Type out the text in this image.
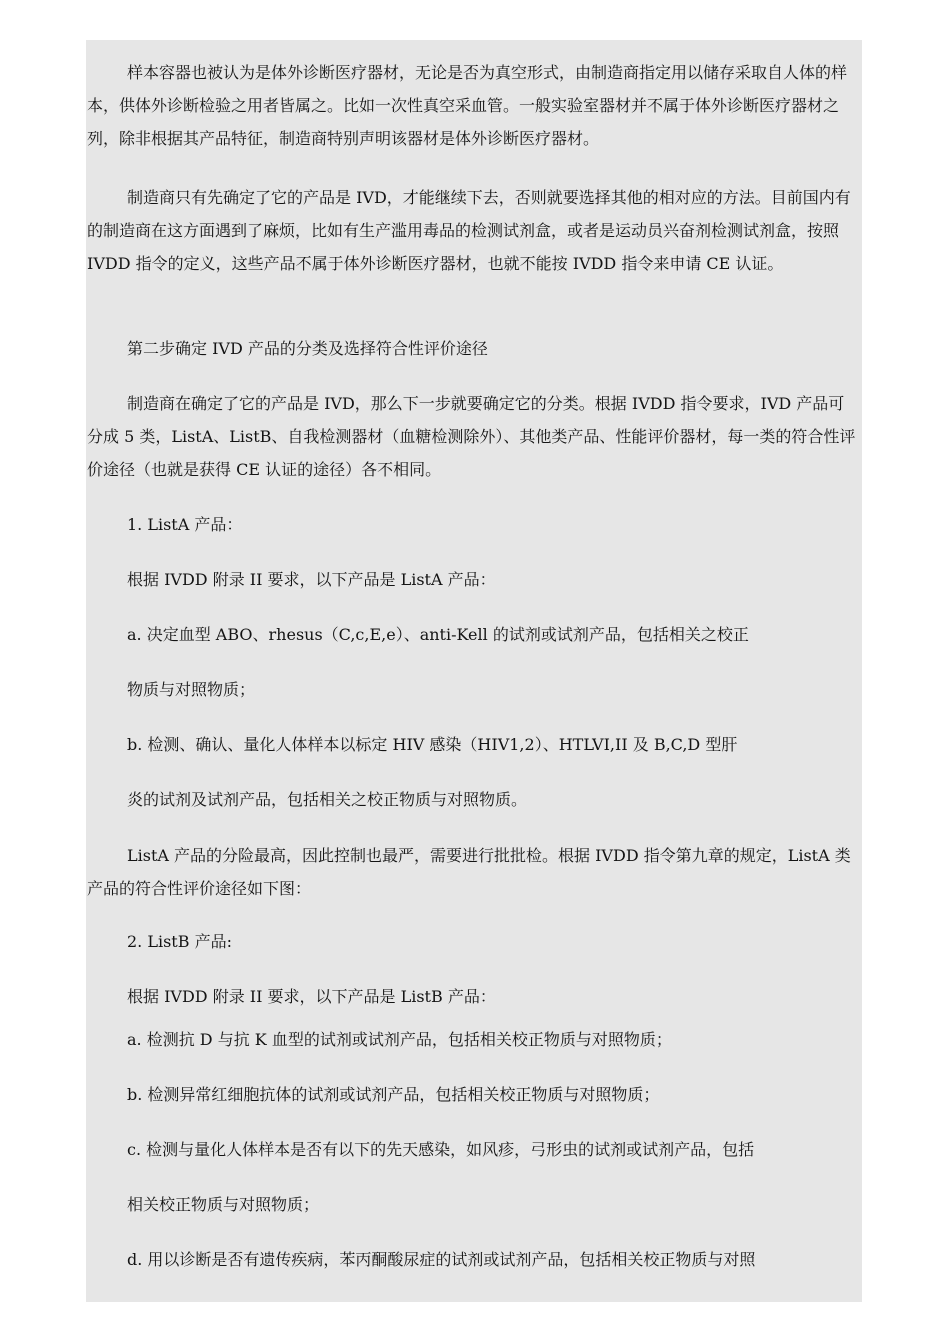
样本容器也被认为是体外诊断医疗器材，无论是否为真空形式，由制造商指定用以储存采取自人体的样本，供体外诊断检验之用者皆属之。比如一次性真空采血管。一般实验室器材并不属于体外诊断医疗器材之列，除非根据其产品特征，制造商特别声明该器材是体外诊断医疗器材。

制造商只有先确定了它的产品是 IVD，才能继续下去，否则就要选择其他的相对应的方法。目前国内有的制造商在这方面遇到了麻烦，比如有生产滥用毒品的检测试剂盒，或者是运动员兴奋剂检测试剂盒，按照 IVDD 指令的定义，这些产品不属于体外诊断医疗器材，也就不能按 IVDD 指令来申请 CE 认证。

第二步确定 IVD 产品的分类及选择符合性评价途径

制造商在确定了它的产品是 IVD，那么下一步就要确定它的分类。根据 IVDD 指令要求，IVD 产品可分成 5 类，ListA、ListB、自我检测器材（血糖检测除外）、其他类产品、性能评价器材，每一类的符合性评价途径（也就是获得 CE 认证的途径）各不相同。

1. ListA 产品：

根据 IVDD 附录 II 要求，以下产品是 ListA 产品：

a. 决定血型 ABO、rhesus（C,c,E,e）、anti-Kell 的试剂或试剂产品，包括相关之校正

物质与对照物质；

b. 检测、确认、量化人体样本以标定 HIV 感染（HIV1,2）、HTLVI,II 及 B,C,D 型肝

炎的试剂及试剂产品，包括相关之校正物质与对照物质。

ListA 产品的分险最高，因此控制也最严，需要进行批批检。根据 IVDD 指令第九章的规定，ListA 类产品的符合性评价途径如下图：

2. ListB 产品:

根据 IVDD 附录 II 要求，以下产品是 ListB 产品：

a. 检测抗 D 与抗 K 血型的试剂或试剂产品，包括相关校正物质与对照物质；

b. 检测异常红细胞抗体的试剂或试剂产品，包括相关校正物质与对照物质；

c. 检测与量化人体样本是否有以下的先天感染，如风疹，弓形虫的试剂或试剂产品，包括

相关校正物质与对照物质；

d. 用以诊断是否有遗传疾病，苯丙酮酸尿症的试剂或试剂产品，包括相关校正物质与对照
